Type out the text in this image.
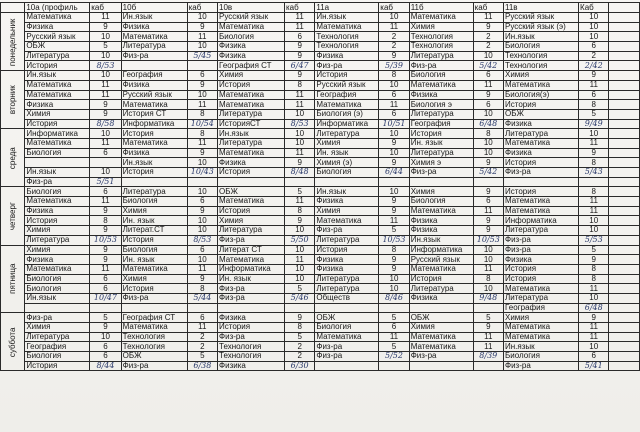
	10а (профиль	каб	10б	каб	10в	каб	11а	каб	11б	каб	11в	Каб	
понедельник	Математика	11	Ин.язык	10	Русский язык	11	Ин.язык	10	Математика	11	Русский язык	10	
	Физика	9	Физика	9	Математика	11	Математика	11	Химия	9	Русский язык (э)	10	
	Русский язык	10	Математика	11	Биология	6	Технология	2	Технология	2	Ин.язык	10	
	ОБЖ	5	Литература	10	Физика	9	Технология	2	Технология	2	Биология	6	
	Литература	10	Физ-ра	5/45	Физика	9	Физика	9	Литература	10	Технология	2	
	История	8/53			География СТ	6/47	Физ-ра	5/39	Физ-ра	5/42	Технология	2/42	
вторник	Ин.язык	10	География	6	Химия	9	История	8	Биология	6	Химия	9	
	Математика	11	Физика	9	История	8	Русский язык	10	Математика	11	Математика	11	
	Математика	11	Русский язык	10	Математика	11	География	6	Физика	9	Биология(э)	6	
	Физика	9	Математика	11	Математика	11	Математика	11	Биология э	6	История	8	
	Химия	9	История СТ	8	Литература	10	Биология (э)	6	Литература	10	ОБЖ	5	
	История	8/58	Информатика	10/54	ИсторияСТ	8/53	Информатика	10/51	География	6/48	Физика	9/49	
среда	Информатика	10	История	8	Ин.язык	10	Литература	10	История	8	Литература	10	
	Математика	11	Математика	11	Литература	10	Химия	9	Ин. язык	10	Математика	11	
	Биология	6	Физика	9	Математика	11	Ин. язык	10	Литература	10	Физика	9	
			Ин.язык	10	Физика	9	Химия (э)	9	Химия э	9	История	8	
	Ин.язык	10	История	10/43	История	8/48	Биология	6/44	Физ-ра	5/42	Физ-ра	5/43	
	Физ-ра	5/51											
четверг	Биология	6	Литература	10	ОБЖ	5	Ин.язык	10	Химия	9	История	8	
	Математика	11	Биология	6	Математика	11	Физика	9	Биология	6	Математика	11	
	Физика	9	Химия	9	История	8	Химия	9	Математика	11	Математика	11	
	История	8	Ин. язык	10	Химия	9	Математика	11	Физика	9	Информатика	10	
	Химия	9	Литерат.СТ	10	Литература	10	Физ-ра	5	Физика	9	Литература	10	
	Литература	10/53	История	8/53	Физ-ра	5/50	Литература	10/53	Ин.язык	10/53	Физ-ра	5/53	
пятница	Химия	9	Биология	6	Литерат СТ	10	История	8	Информатика	10	Физ-ра	5	
	Физика	9	Ин. язык	10	Математика	11	Физика	9	Русский язык	10	Физика	9	
	Математика	11	Математика	11	Информатика	10	Физика	9	Математика	11	История	8	
	Биология	6	Химия	9	Ин. язык	10	Литература	10	История	8	История	8	
	Биология	6	История	8	Физ-ра	5	Литература	10	Литература	10	Математика	11	
	Ин.язык	10/47	Физ-ра	5/44	Физ-ра	5/46	Обществ	8/46	Физика	9/48	Литература	10	
											География	6/48	
суббота	Физ-ра	5	География СТ	6	Физика	9	ОБЖ	5	ОБЖ	5	Химия	9	
	Химия	9	Математика	11	История	8	Биология	6	Химия	9	Математика	11	
	Литература	10	Технология	2	Физ-ра	5	Математика	11	Математика	11	Математика	11	
	География	6	Технология	2	Технология	2	Физ-ра	5	Математика	11	Ин.язык	10	
	Биология	6	ОБЖ	5	Технология	2	Физ-ра	5/52	Физ-ра	8/39	Биология	6	
	История	8/44	Физ-ра	6/38	Физика	6/30					Физ-ра	5/41	
